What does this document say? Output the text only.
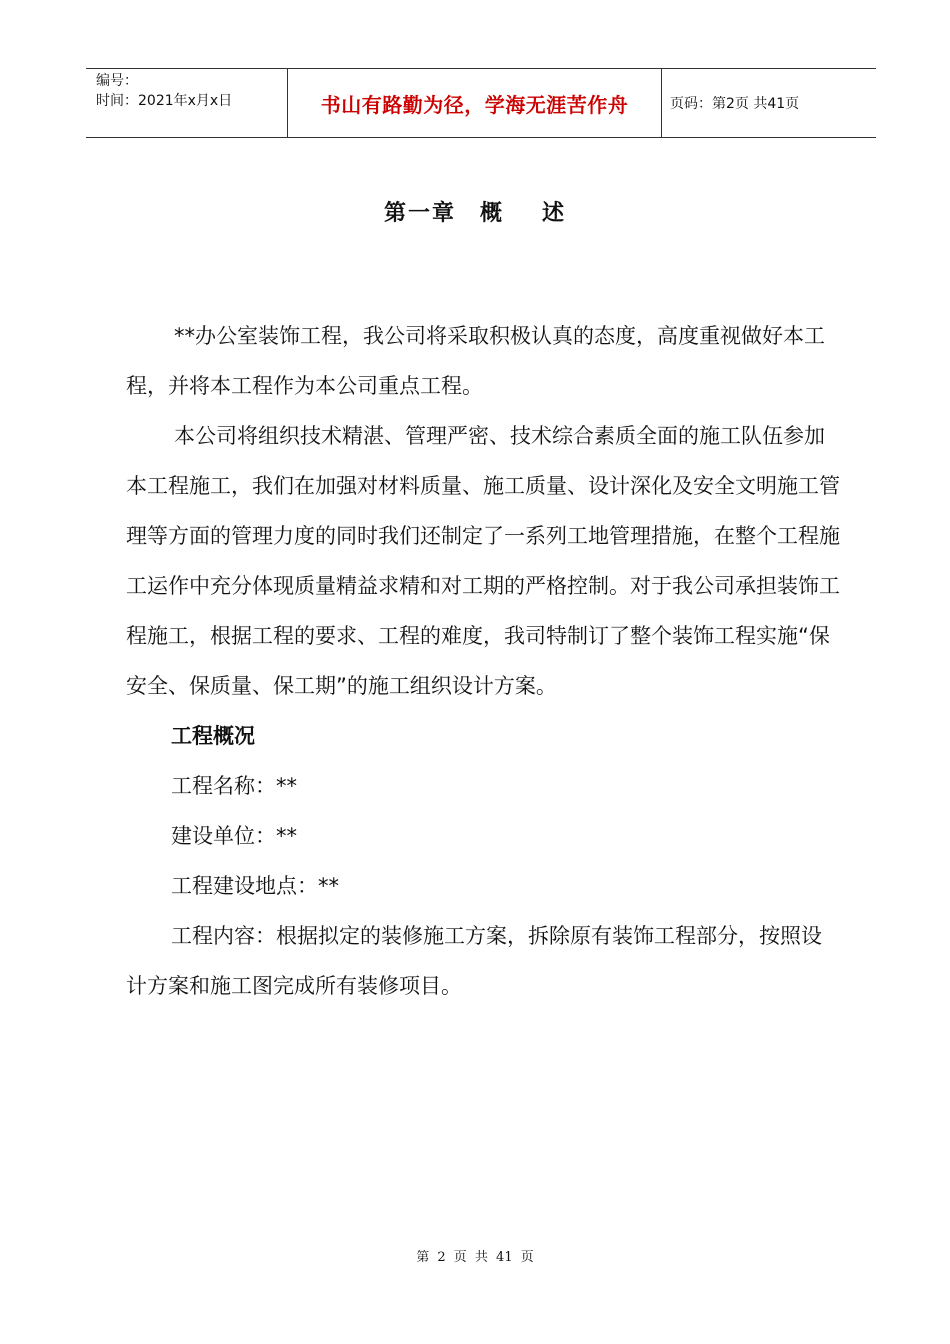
编号：
时间：2021年x月x日	书山有路勤为径，学海无涯苦作舟	页码：第2页 共41页
第一章 概 述

**办公室装饰工程，我公司将采取积极认真的态度，高度重视做好本工程，并将本工程作为本公司重点工程。

本公司将组织技术精湛、管理严密、技术综合素质全面的施工队伍参加本工程施工，我们在加强对材料质量、施工质量、设计深化及安全文明施工管理等方面的管理力度的同时我们还制定了一系列工地管理措施，在整个工程施工运作中充分体现质量精益求精和对工期的严格控制。对于我公司承担装饰工程施工，根据工程的要求、工程的难度，我司特制订了整个装饰工程实施“保安全、保质量、保工期”的施工组织设计方案。

工程概况

工程名称：**

建设单位：**

工程建设地点：**

工程内容：根据拟定的装修施工方案，拆除原有装饰工程部分，按照设计方案和施工图完成所有装修项目。

第 2 页 共 41 页
